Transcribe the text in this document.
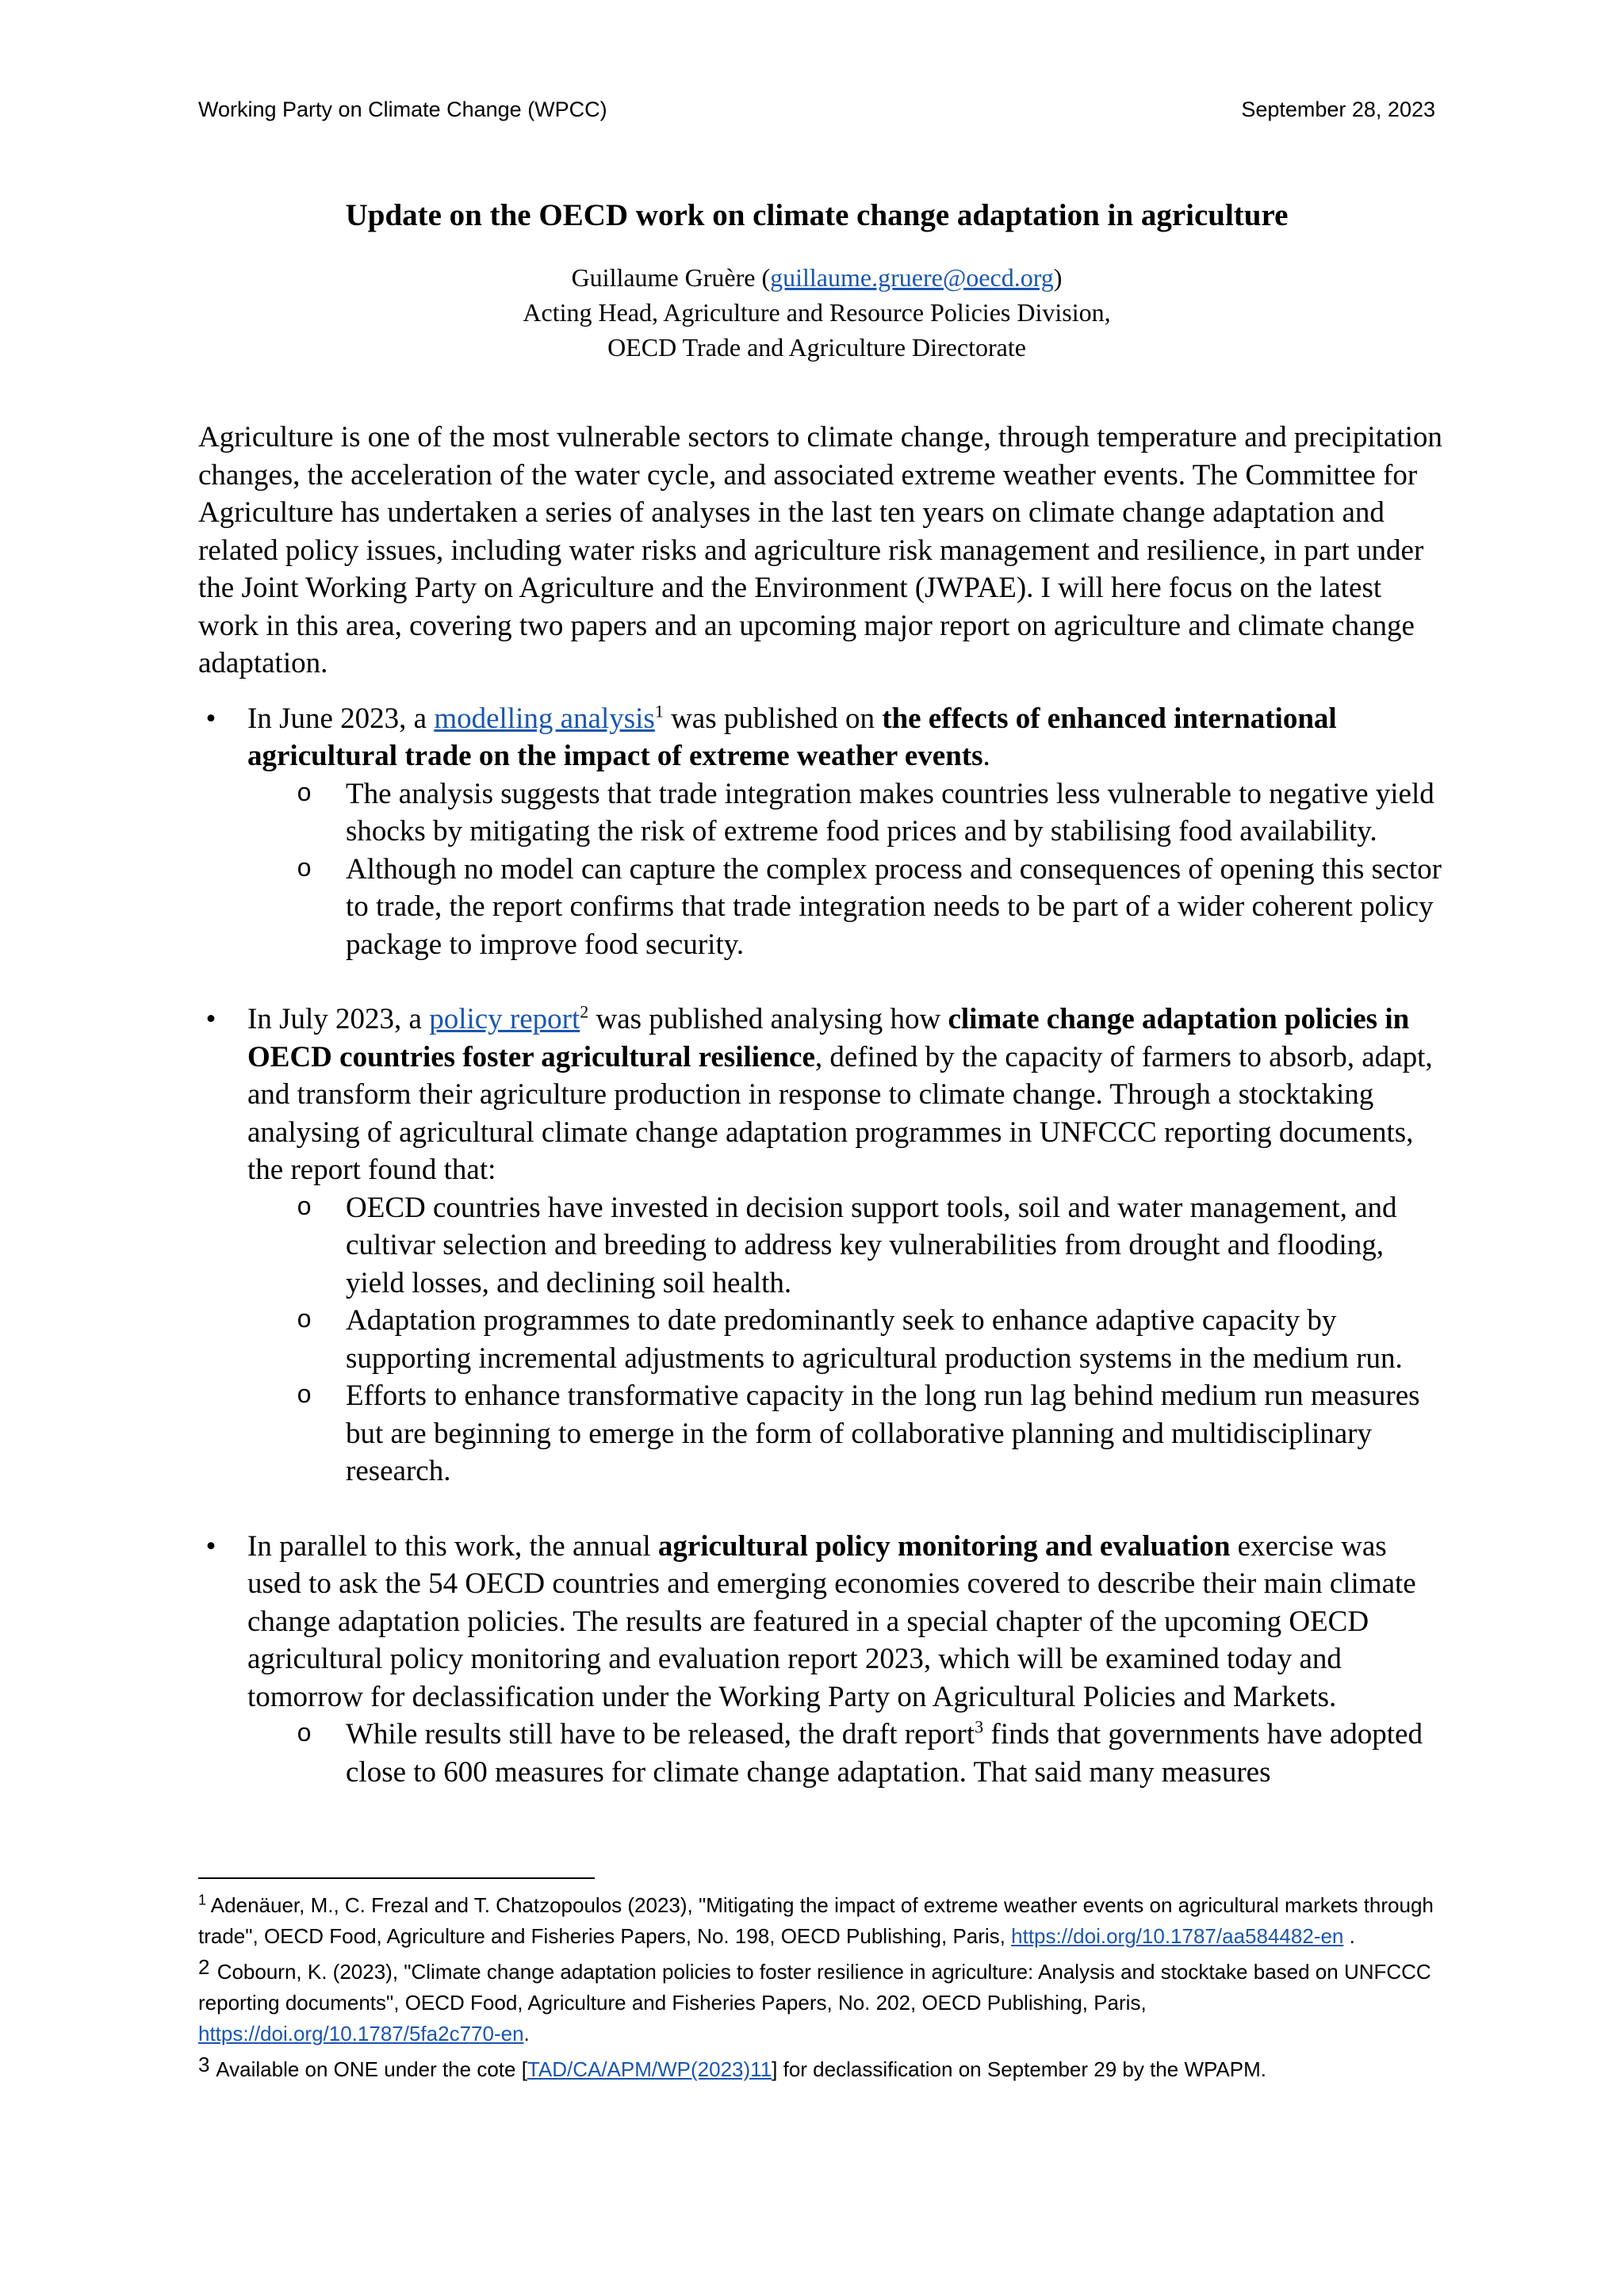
Working Party on Climate Change (WPCC)	September 28, 2023
Update on the OECD work on climate change adaptation in agriculture
Guillaume Gruère (guillaume.gruere@oecd.org)
Acting Head, Agriculture and Resource Policies Division,
OECD Trade and Agriculture Directorate

Agriculture is one of the most vulnerable sectors to climate change, through temperature and precipitation changes, the acceleration of the water cycle, and associated extreme weather events. The Committee for Agriculture has undertaken a series of analyses in the last ten years on climate change adaptation and related policy issues, including water risks and agriculture risk management and resilience, in part under the Joint Working Party on Agriculture and the Environment (JWPAE). I will here focus on the latest work in this area, covering two papers and an upcoming major report on agriculture and climate change adaptation.

• In June 2023, a modelling analysis$^1$ was published on the effects of enhanced international agricultural trade on the impact of extreme weather events.
o The analysis suggests that trade integration makes countries less vulnerable to negative yield shocks by mitigating the risk of extreme food prices and by stabilising food availability.
o Although no model can capture the complex process and consequences of opening this sector to trade, the report confirms that trade integration needs to be part of a wider coherent policy package to improve food security.
• In July 2023, a policy report$^2$ was published analysing how climate change adaptation policies in OECD countries foster agricultural resilience, defined by the capacity of farmers to absorb, adapt, and transform their agriculture production in response to climate change. Through a stocktaking analysing of agricultural climate change adaptation programmes in UNFCCC reporting documents, the report found that:
o OECD countries have invested in decision support tools, soil and water management, and cultivar selection and breeding to address key vulnerabilities from drought and flooding, yield losses, and declining soil health.
o Adaptation programmes to date predominantly seek to enhance adaptive capacity by supporting incremental adjustments to agricultural production systems in the medium run.
o Efforts to enhance transformative capacity in the long run lag behind medium run measures but are beginning to emerge in the form of collaborative planning and multidisciplinary research.
• In parallel to this work, the annual agricultural policy monitoring and evaluation exercise was used to ask the 54 OECD countries and emerging economies covered to describe their main climate change adaptation policies. The results are featured in a special chapter of the upcoming OECD agricultural policy monitoring and evaluation report 2023, which will be examined today and tomorrow for declassification under the Working Party on Agricultural Policies and Markets.
o While results still have to be released, the draft report$^3$ finds that governments have adopted close to 600 measures for climate change adaptation. That said many measures

$^1$ Adenäuer, M., C. Frezal and T. Chatzopoulos (2023), "Mitigating the impact of extreme weather events on agricultural markets through trade", OECD Food, Agriculture and Fisheries Papers, No. 198, OECD Publishing, Paris, https://doi.org/10.1787/aa584482-en .

2 Cobourn, K. (2023), "Climate change adaptation policies to foster resilience in agriculture: Analysis and stocktake based on UNFCCC reporting documents", OECD Food, Agriculture and Fisheries Papers, No. 202, OECD Publishing, Paris, https://doi.org/10.1787/5fa2c770-en.

3 Available on ONE under the cote [TAD/CA/APM/WP(2023)11] for declassification on September 29 by the WPAPM.
